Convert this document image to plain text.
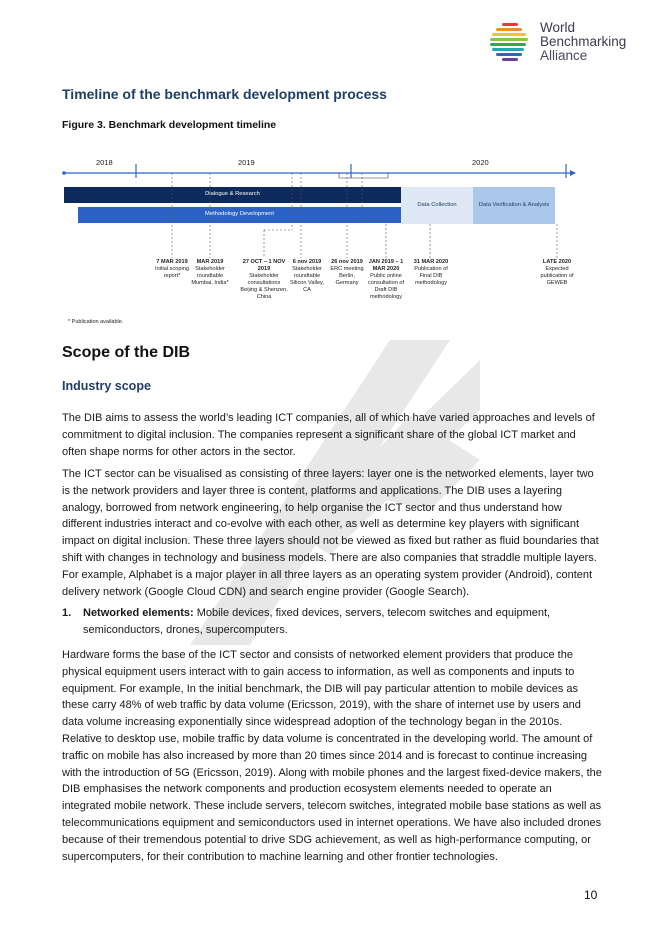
World
Benchmarking
Alliance
Timeline of the benchmark development process
Figure 3. Benchmark development timeline
2018	2019	2020
Dialogue & Research
Methodology Development
Data Collection	Data Verification & Analysis
7 MAR 2019
Initial scoping report*
MAR 2019
Stakeholder roundtable Mumbai, India*
27 OCT – 1 NOV 2019
Stakeholder consultations Beijing & Shenzen, China
6 nov 2019
Stakeholder roundtable Silicon Valley, CA
26 nov 2019
ERC meeting Berlin, Germany
JAN 2019 – 1 MAR 2020
Public online consultation of Draft DIB methodology
31 MAR 2020
Publication of Final DIB methodology
LATE 2020
Expected publication of GEWEB
* Publication available.
Scope of the DIB
Industry scope
The DIB aims to assess the world’s leading ICT companies, all of which have varied approaches and levels of commitment to digital inclusion. The companies represent a significant share of the global ICT market and often shape norms for other actors in the sector.
The ICT sector can be visualised as consisting of three layers: layer one is the networked elements, layer two is the network providers and layer three is content, platforms and applications. The DIB uses a layering analogy, borrowed from network engineering, to help organise the ICT sector and thus understand how different industries interact and co-evolve with each other, as well as determine key players with significant impact on digital inclusion. These three layers should not be viewed as fixed but rather as fluid boundaries that shift with changes in technology and business models. There are also companies that straddle multiple layers. For example, Alphabet is a major player in all three layers as an operating system provider (Android), content delivery network (Google Cloud CDN) and search engine provider (Google Search).
1. Networked elements: Mobile devices, fixed devices, servers, telecom switches and equipment, semiconductors, drones, supercomputers.
Hardware forms the base of the ICT sector and consists of networked element providers that produce the physical equipment users interact with to gain access to information, as well as components and inputs to equipment. For example, In the initial benchmark, the DIB will pay particular attention to mobile devices as these carry 48% of web traffic by data volume (Ericsson, 2019), with the share of internet use by users and data volume increasing exponentially since widespread adoption of the technology began in the 2010s. Relative to desktop use, mobile traffic by data volume is concentrated in the developing world. The amount of traffic on mobile has also increased by more than 20 times since 2014 and is forecast to continue increasing with the introduction of 5G (Ericsson, 2019). Along with mobile phones and the largest fixed-device makers, the DIB emphasises the network components and production ecosystem elements needed to operate an integrated mobile network. These include servers, telecom switches, integrated mobile base stations as well as telecommunications equipment and semiconductors used in internet operations. We have also included drones because of their tremendous potential to drive SDG achievement, as well as high-performance computing, or supercomputers, for their contribution to machine learning and other frontier technologies.
10
